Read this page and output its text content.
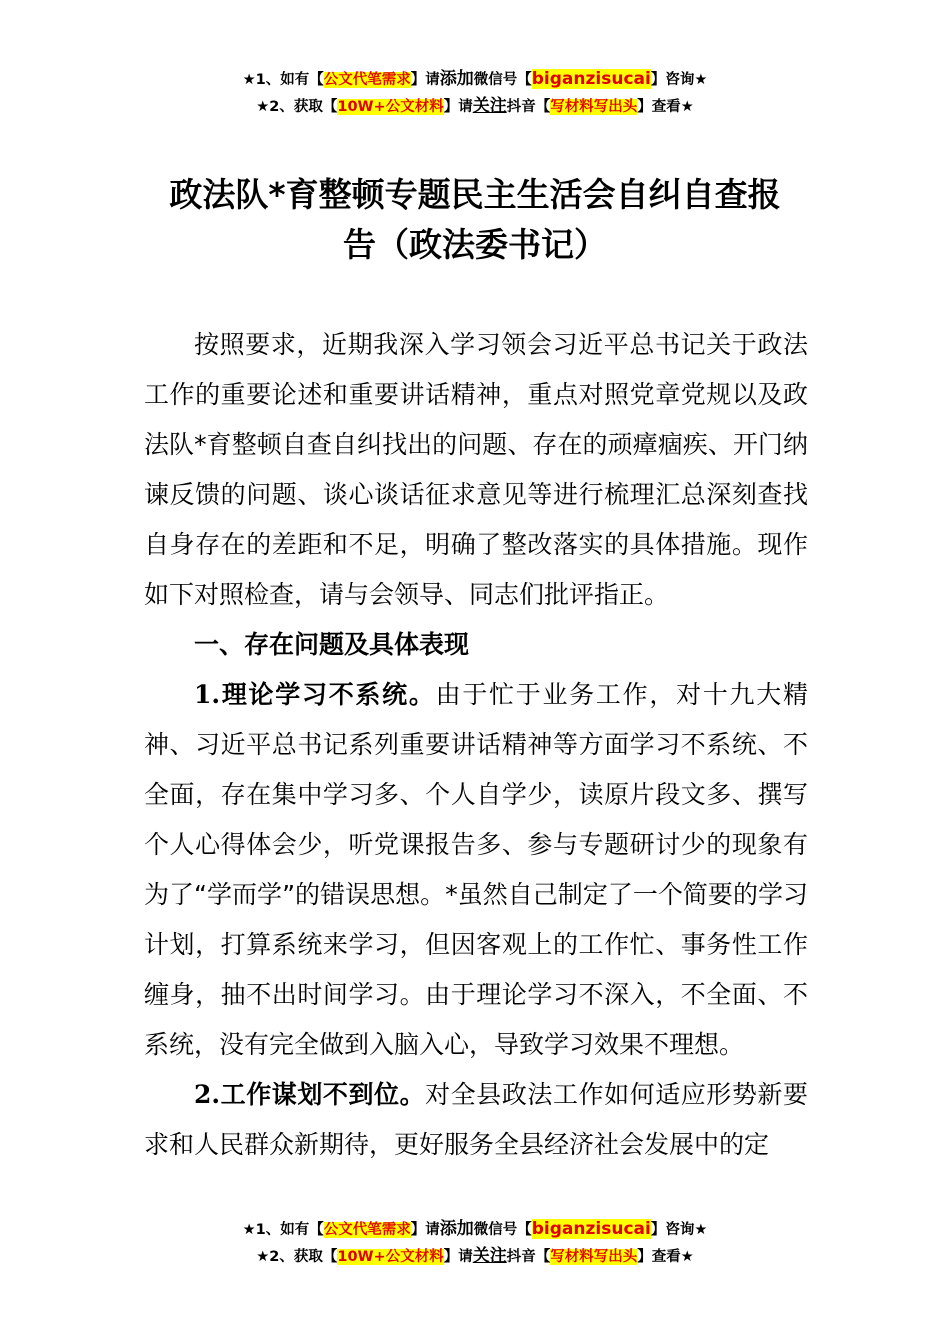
★1、如有【公文代笔需求】请添加微信号【biganzisucai】咨询★
★2、获取【10W+公文材料】请关注抖音【写材料写出头】查看★
政法队*育整顿专题民主生活会自纠自查报
告（政法委书记）

按照要求，近期我深入学习领会习近平总书记关于政法工作的重要论述和重要讲话精神，重点对照党章党规以及政法队*育整顿自查自纠找出的问题、存在的顽瘴痼疾、开门纳谏反馈的问题、谈心谈话征求意见等进行梳理汇总深刻查找自身存在的差距和不足，明确了整改落实的具体措施。现作如下对照检查，请与会领导、同志们批评指正。

一、存在问题及具体表现

1.理论学习不系统。由于忙于业务工作，对十九大精神、习近平总书记系列重要讲话精神等方面学习不系统、不全面，存在集中学习多、个人自学少，读原片段文多、撰写个人心得体会少，听党课报告多、参与专题研讨少的现象有为了“学而学”的错误思想。*虽然自己制定了一个简要的学习计划，打算系统来学习，但因客观上的工作忙、事务性工作缠身，抽不出时间学习。由于理论学习不深入，不全面、不系统，没有完全做到入脑入心，导致学习效果不理想。

2.工作谋划不到位。对全县政法工作如何适应形势新要求和人民群众新期待，更好服务全县经济社会发展中的定

★1、如有【公文代笔需求】请添加微信号【biganzisucai】咨询★
★2、获取【10W+公文材料】请关注抖音【写材料写出头】查看★
